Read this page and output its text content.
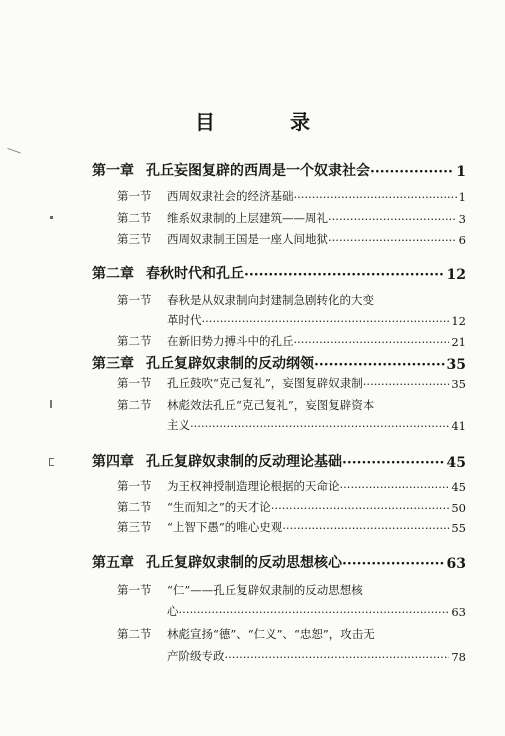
目 录
第一章 孔丘妄图复辟的西周是一个奴隶社会 ·····	1
第一节	西周奴隶社会的经济基础 ·····	1
第二节	维系奴隶制的上层建筑——周礼 ·····	3
第三节	西周奴隶制王国是一座人间地狱 ·····	6
第二章 春秋时代和孔丘 ·····	12
第一节	春秋是从奴隶制向封建制急剧转化的大变
革时代 ·····	12
第二节	在新旧势力搏斗中的孔丘 ·····	21
第三章 孔丘复辟奴隶制的反动纲领 ·····	35
第一节	孔丘鼓吹“克己复礼”，妄图复辟奴隶制 ·····	35
第二节	林彪效法孔丘“克己复礼”，妄图复辟资本
主义 ·····	41
第四章 孔丘复辟奴隶制的反动理论基础 ·····	45
第一节	为王权神授制造理论根据的天命论 ·····	45
第二节	“生而知之”的天才论 ·····	50
第三节	“上智下愚”的唯心史观 ·····	55
第五章 孔丘复辟奴隶制的反动思想核心 ·····	63
第一节	“仁”——孔丘复辟奴隶制的反动思想核
心 ·····	63
第二节	林彪宣扬“德”、“仁义”、“忠恕”，攻击无
产阶级专政 ·····	78
